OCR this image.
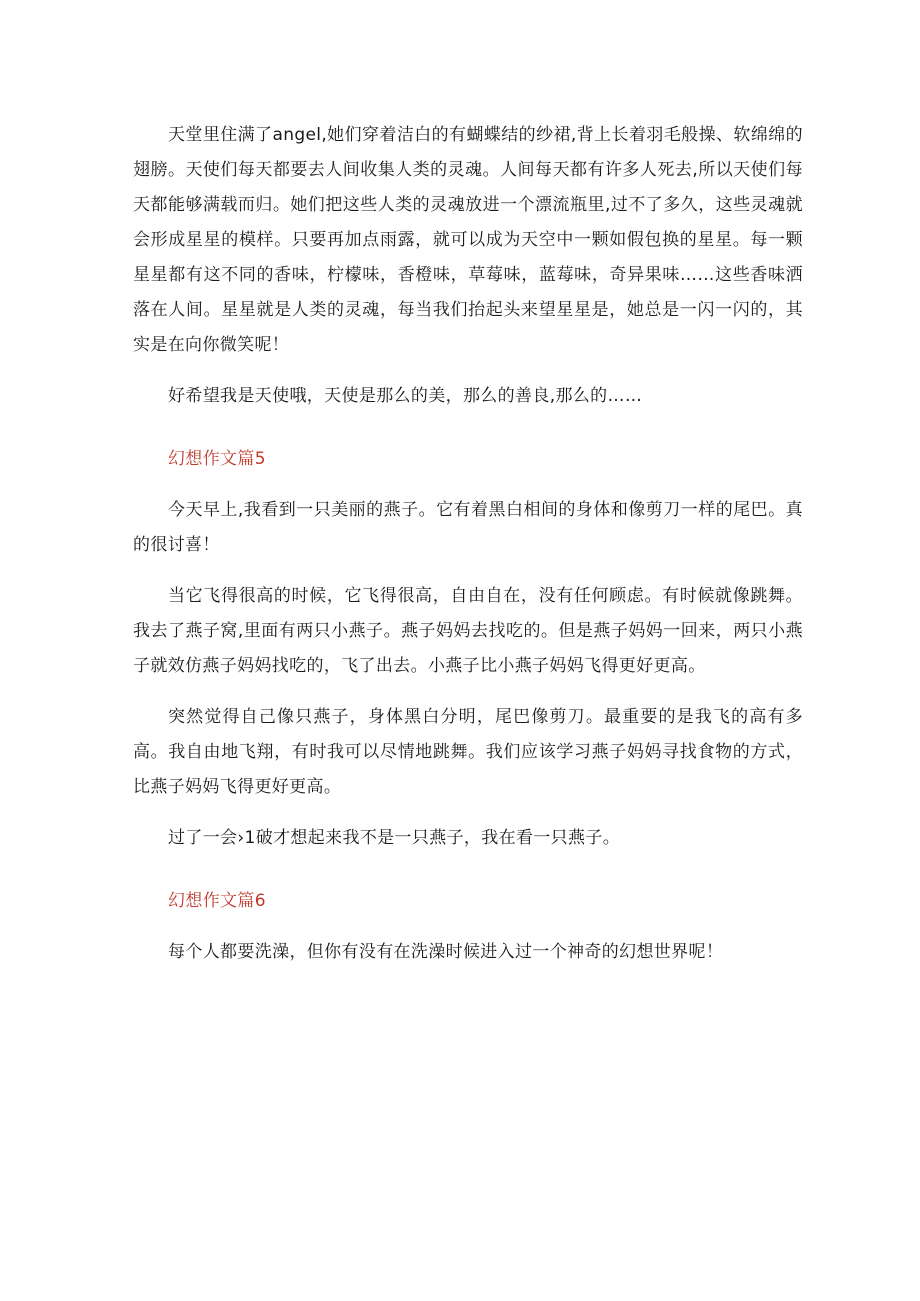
天堂里住满了angel,她们穿着洁白的有蝴蝶结的纱裙,背上长着羽毛般操、软绵绵的翅膀。天使们每天都要去人间收集人类的灵魂。人间每天都有许多人死去,所以天使们每天都能够满载而归。她们把这些人类的灵魂放进一个漂流瓶里,过不了多久，这些灵魂就会形成星星的模样。只要再加点雨露，就可以成为天空中一颗如假包换的星星。每一颗星星都有这不同的香味，柠檬味，香橙味，草莓味，蓝莓味，奇异果味……这些香味洒落在人间。星星就是人类的灵魂，每当我们抬起头来望星星是，她总是一闪一闪的，其实是在向你微笑呢！

好希望我是天使哦，天使是那么的美，那么的善良,那么的……

幻想作文篇5

今天早上,我看到一只美丽的燕子。它有着黑白相间的身体和像剪刀一样的尾巴。真的很讨喜！

当它飞得很高的时候，它飞得很高，自由自在，没有任何顾虑。有时候就像跳舞。我去了燕子窝,里面有两只小燕子。燕子妈妈去找吃的。但是燕子妈妈一回来，两只小燕子就效仿燕子妈妈找吃的，飞了出去。小燕子比小燕子妈妈飞得更好更高。

突然觉得自己像只燕子，身体黑白分明，尾巴像剪刀。最重要的是我飞的高有多高。我自由地飞翔，有时我可以尽情地跳舞。我们应该学习燕子妈妈寻找食物的方式，比燕子妈妈飞得更好更高。

过了一会›1破才想起来我不是一只燕子，我在看一只燕子。

幻想作文篇6

每个人都要洗澡，但你有没有在洗澡时候进入过一个神奇的幻想世界呢！
